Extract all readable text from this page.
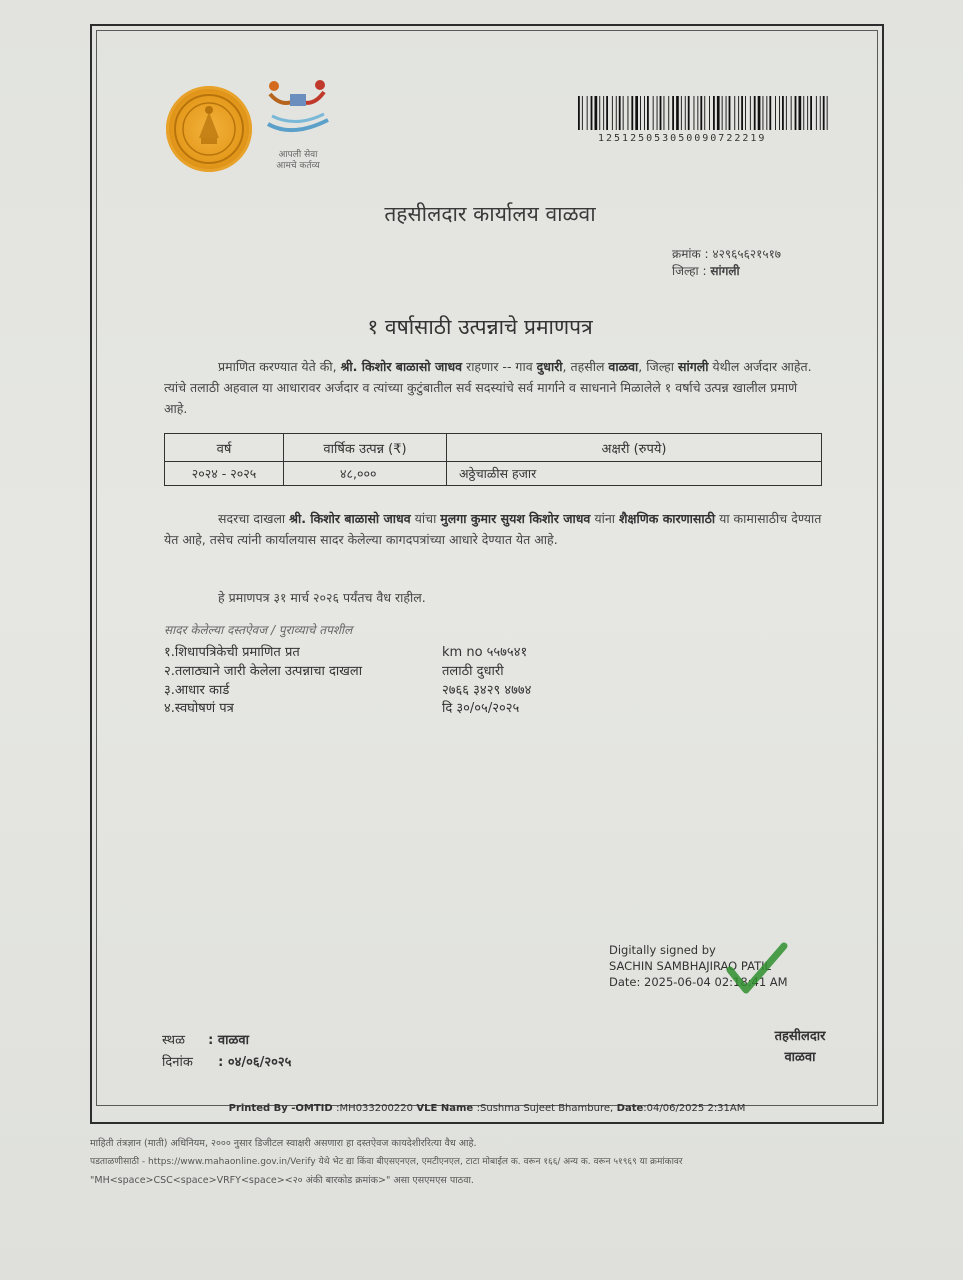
आपली सेवा
आमचे कर्तव्य
125125053050090722219
तहसीलदार कार्यालय वाळवा
क्रमांक : ४२९६५६२१५१७
जिल्हा : सांगली
१ वर्षासाठी उत्पन्नाचे प्रमाणपत्र
प्रमाणित करण्यात येते की, श्री. किशोर बाळासो जाधव राहणार -- गाव दुधारी, तहसील वाळवा, जिल्हा सांगली येथील अर्जदार आहेत. त्यांचे तलाठी अहवाल या आधारावर अर्जदार व त्यांच्या कुटुंबातील सर्व सदस्यांचे सर्व मार्गाने व साधनाने मिळालेले १ वर्षाचे उत्पन्न खालील प्रमाणे आहे.
वर्ष	वार्षिक उत्पन्न (₹)	अक्षरी (रुपये)
२०२४ - २०२५	४८,०००	अठ्ठेचाळीस हजार
सदरचा दाखला श्री. किशोर बाळासो जाधव यांचा मुलगा कुमार सुयश किशोर जाधव यांना शैक्षणिक कारणासाठी या कामासाठीच देण्यात येत आहे, तसेच त्यांनी कार्यालयास सादर केलेल्या कागदपत्रांच्या आधारे देण्यात येत आहे.
हे प्रमाणपत्र ३१ मार्च २०२६ पर्यंतच वैध राहील.
सादर केलेल्या दस्तऐवज / पुराव्याचे तपशील
१.शिधापत्रिकेची प्रमाणित प्रत	km no ५५७५४१
२.तलाठ्याने जारी केलेला उत्पन्नाचा दाखला	तलाठी दुधारी
३.आधार कार्ड	२७६६ ३४२९ ४७७४
४.स्वघोषणं पत्र	दि ३०/०५/२०२५
Digitally signed by
SACHIN SAMBHAJIRAO PATIL
Date: 2025-06-04 02:18:41 AM
स्थळ : वाळवा
दिनांक : ०४/०६/२०२५
तहसीलदार
वाळवा
Printed By -OMTID :MH033200220 VLE Name :Sushma Sujeet Bhambure, Date:04/06/2025 2:31AM
माहिती तंत्रज्ञान (माती) अधिनियम, २००० नुसार डिजीटल स्वाक्षरी असणारा हा दस्तऐवज कायदेशीररित्या वैध आहे.
पडताळणीसाठी - https://www.mahaonline.gov.in/Verify येथे भेट द्या किंवा बीएसएनएल, एमटीएनएल, टाटा मोबाईल क. वरून १६६/ अन्य क. वरून ५१९६९ या क्रमांकावर
"MH<space>CSC<space>VRFY<space><२० अंकी बारकोड क्रमांक>" असा एसएमएस पाठवा.
